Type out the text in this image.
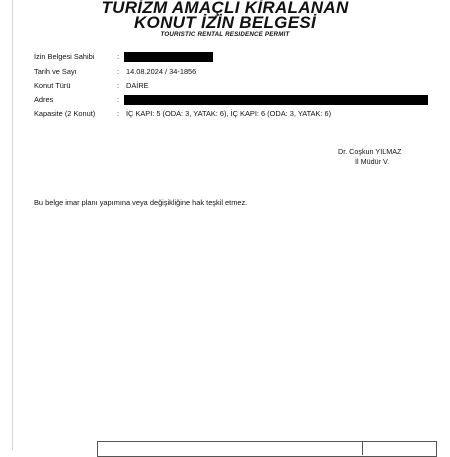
TURİZM AMAÇLI KİRALANAN
KONUT İZİN BELGESİ
TOURISTIC RENTAL RESIDENCE PERMIT
İzin Belgesi Sahibi	:
Tarih ve Sayı	: 14.08.2024 / 34-1856
Konut Türü	: DAİRE
Adres	:
Kapasite (2 Konut)	: İÇ KAPI: 5 (ODA: 3, YATAK: 6), İÇ KAPI: 6 (ODA: 3, YATAK: 6)
Dr. Coşkun YILMAZ
İl Müdür V.
Bu belge imar planı yapımına veya değişikliğine hak teşkil etmez.
